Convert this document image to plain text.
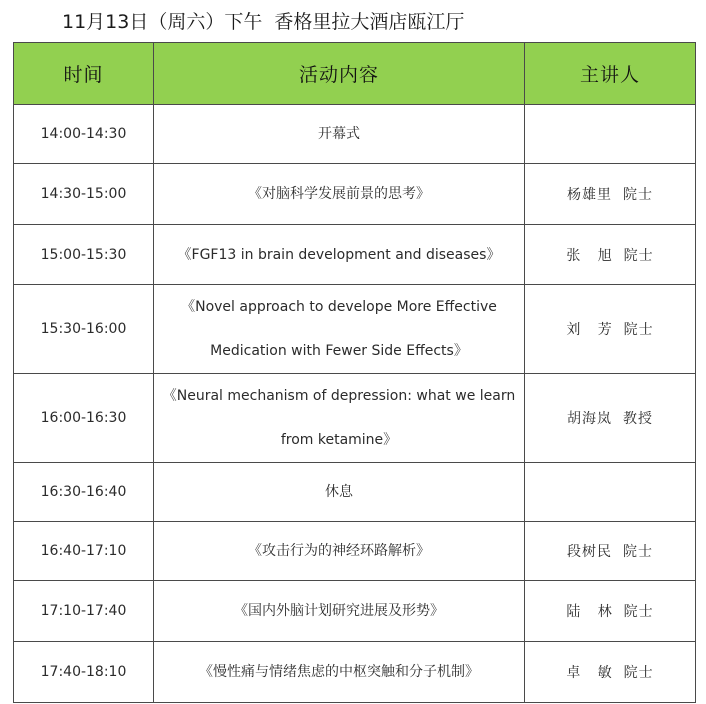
11月13日（周六）下午  香格里拉大酒店瓯江厅
时间	活动内容	主讲人
14:00-14:30	开幕式	

14:30-15:00	《对脑科学发展前景的思考》	杨雄里  院士
15:00-15:30	《FGF13 in brain development and diseases》	张   旭  院士
15:30-16:00	《Novel approach to develope More Effective
Medication with Fewer Side Effects》	刘   芳  院士
16:00-16:30	《Neural mechanism of depression: what we learn
from ketamine》	胡海岚  教授
16:30-16:40	休息	

16:40-17:10	《攻击行为的神经环路解析》	段树民  院士
17:10-17:40	《国内外脑计划研究进展及形势》	陆   林  院士
17:40-18:10	《慢性痛与情绪焦虑的中枢突触和分子机制》	卓   敏  院士
